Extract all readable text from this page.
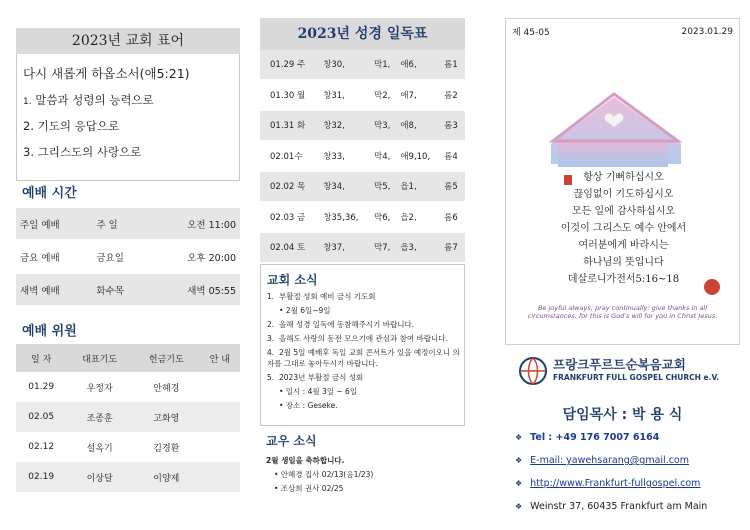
2023년 교회 표어
다시 새롭게 하옵소서(애5:21)
1. 말씀과 성령의 능력으로
2. 기도의 응답으로
3. 그리스도의 사랑으로
예배 시간
주일 예배	주 일	오전 11:00
금요 예배	금요일	오후 20:00
새벽 예배	화수목	새벽 05:55
예배 위원
일 자	대표기도	헌금기도	안 내
01.29	우정자	안혜경	
02.05	조종훈	고화영	
02.12	설옥기	김경환	
02.19	이상달	이양제	
2023년 성경 일독표
01.29 주	창30,	막1,	애6,	롬1
01.30 월	창31,	막2,	애7,	롬2
01.31 화	창32,	막3,	애8,	롬3
02.01수	창33,	막4,	애9,10,	롬4
02.02 목	창34,	막5,	읍1,	롬5
02.03 금	창35,36,	막6,	읍2,	롬6
02.04 토	창37,	막7,	읍3,	롬7
교회 소식
1. 부활절 성회 예비 금식 기도회
• 2월 6일~9일
2. 올해 성경 일독에 동참해주시기 바랍니다.
3. 올해도 사랑의 동전 모으기에 관심과 참여 바랍니다.
4. 2월 5일 예배후 독일 교회 콘서트가 있을 예정이오니 의자를 그대로 놓아두시기 바랍니다.
5. 2023년 부활절 금식 성회
• 일시 : 4월 3일 ~ 6일
• 장소 : Geseke.
교우 소식
2월 생일을 축하합니다.
• 안혜경 집사 02/13(음1/23)
• 조상희 권사 02/25
제 45-05	2023.01.29
항상 기뻐하십시오
끊임없이 기도하십시오
모든 일에 감사하십시오
이것이 그리스도 예수 안에서
여러분에게 바라시는
하나님의 뜻입니다
데살로니가전서5:16~18
Be joyful always; pray continually; give thanks in all circumstances, for this is God's will for you in Christ Jesus.
프랑크푸르트순복음교회
FRANKFURT FULL GOSPEL CHURCH e.V.
담임목사 : 박 용 식
❖ Tel : +49 176 7007 6164
❖ E-mail: yawehsarang@gmail.com
❖ http://www.Frankfurt-fullgospel.com
❖ Weinstr 37, 60435 Frankfurt am Main
